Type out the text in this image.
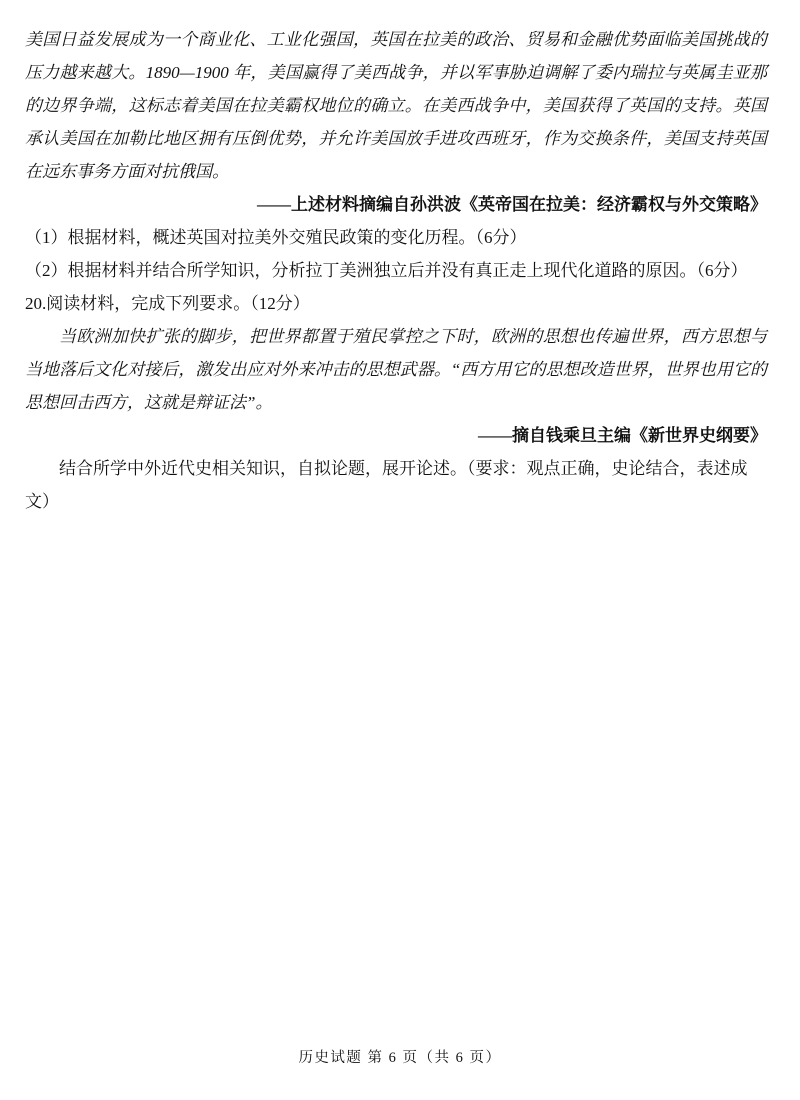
美国日益发展成为一个商业化、工业化强国，英国在拉美的政治、贸易和金融优势面临美国挑战的压力越来越大。1890—1900 年，美国赢得了美西战争，并以军事胁迫调解了委内瑞拉与英属圭亚那的边界争端，这标志着美国在拉美霸权地位的确立。在美西战争中，美国获得了英国的支持。英国承认美国在加勒比地区拥有压倒优势，并允许美国放手进攻西班牙，作为交换条件，美国支持英国在远东事务方面对抗俄国。

——上述材料摘编自孙洪波《英帝国在拉美：经济霸权与外交策略》

（1）根据材料，概述英国对拉美外交殖民政策的变化历程。（6分）

（2）根据材料并结合所学知识，分析拉丁美洲独立后并没有真正走上现代化道路的原因。（6分）

20.阅读材料，完成下列要求。（12分）

当欧洲加快扩张的脚步，把世界都置于殖民掌控之下时，欧洲的思想也传遍世界，西方思想与当地落后文化对接后，激发出应对外来冲击的思想武器。“西方用它的思想改造世界，世界也用它的思想回击西方，这就是辩证法”。

——摘自钱乘旦主编《新世界史纲要》

结合所学中外近代史相关知识，自拟论题，展开论述。（要求：观点正确，史论结合，表述成文）

历史试题 第 6 页（共 6 页）
